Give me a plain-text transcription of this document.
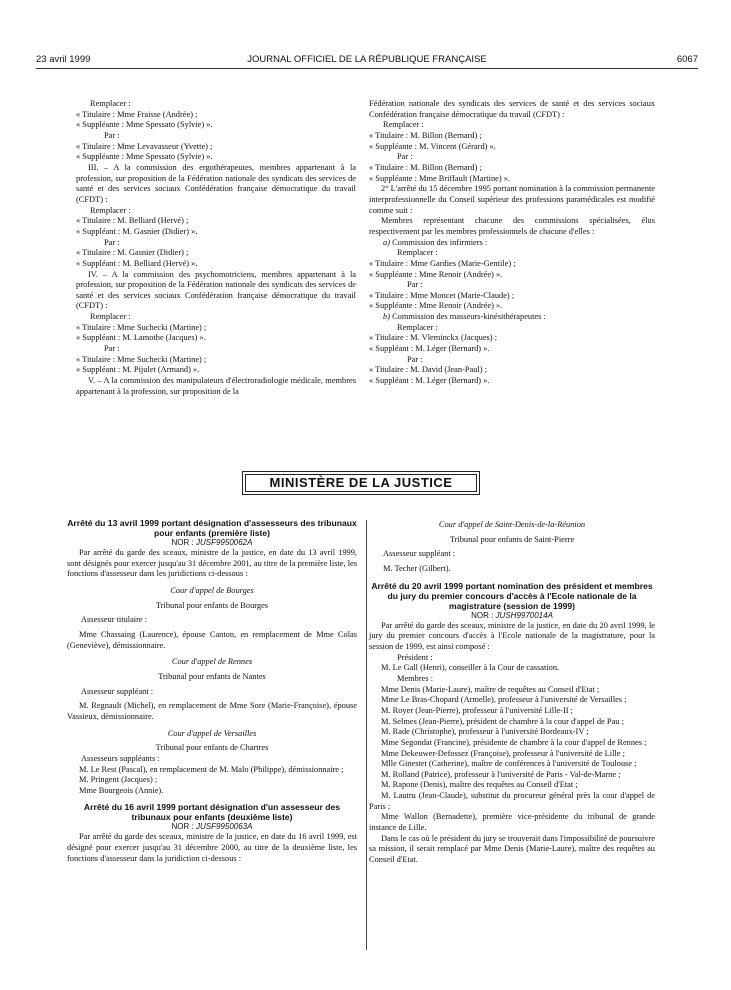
23 avril 1999	JOURNAL OFFICIEL DE LA RÉPUBLIQUE FRANÇAISE	6067

Remplacer :

« Titulaire : Mme Fraisse (Andrée) ;

« Suppléante : Mme Spessato (Sylvie) ».

Par :

« Titulaire : Mme Levavasseur (Yvette) ;

« Suppléante : Mme Spessato (Sylvie) ».

III. – A la commission des ergothérapeutes, membres appartenant à la profession, sur proposition de la Fédération nationale des syndicats des services de santé et des services sociaux Confédération française démocratique du travail (CFDT) :

Remplacer :

« Titulaire : M. Belliard (Hervé) ;

« Suppléant : M. Gasnier (Didier) ».

Par :

« Titulaire : M. Gasnier (Didier) ;

« Suppléant : M. Belliard (Hervé) ».

IV. – A la commission des psychomotriciens, membres appartenant à la profession, sur proposition de la Fédération nationale des syndicats des services de santé et des services sociaux Confédération française démocratique du travail (CFDT) :

Remplacer :

« Titulaire : Mme Suchecki (Martine) ;

« Suppléant : M. Lamothe (Jacques) ».

Par :

« Titulaire : Mme Suchecki (Martine) ;

« Suppléant : M. Pijulet (Armand) ».

V. – A la commission des manipulateurs d'électroradiologie médicale, membres appartenant à la profession, sur proposition de la

Fédération nationale des syndicats des services de santé et des services sociaux Confédération française démocratique du travail (CFDT) :

Remplacer :

« Titulaire : M. Billon (Bernard) ;

« Suppléante : M. Vincent (Gérard) ».

Par :

« Titulaire : M. Billon (Bernard) ;

« Suppléante : Mme Briffault (Martine) ».

2° L'arrêté du 15 décembre 1995 portant nomination à la commission permanente interprofessionnelle du Conseil supérieur des professions paramédicales est modifié comme suit :

Membres représentant chacune des commissions spécialisées, élus respectivement par les membres professionnels de chacune d'elles :

a) Commission des infirmiers :

Remplacer :

« Titulaire : Mme Gardies (Marie-Gentile) ;

« Suppléante : Mme Renoir (Andrée) ».

Par :

« Titulaire : Mme Moncet (Marie-Claude) ;

« Suppléante : Mme Renoir (Andrée) ».

b) Commission des masseurs-kinésithérapeutes :

Remplacer :

« Titulaire : M. Vleminckx (Jacques) ;

« Suppléant : M. Léger (Bernard) ».

Par :

« Titulaire : M. David (Jean-Paul) ;

« Suppléant : M. Léger (Bernard) ».

MINISTÈRE DE LA JUSTICE

Arrêté du 13 avril 1999 portant désignation d'assesseurs des tribunaux pour enfants (première liste)

NOR : JUSF9950062A

Par arrêté du garde des sceaux, ministre de la justice, en date du 13 avril 1999, sont désignés pour exercer jusqu'au 31 décembre 2001, au titre de la première liste, les fonctions d'assesseur dans les juridictions ci-dessous :

Cour d'appel de Bourges

Tribunal pour enfants de Bourges

Assesseur titulaire :

Mme Chassaing (Laurence), épouse Canton, en remplacement de Mme Colas (Geneviève), démissionnaire.

Cour d'appel de Rennes

Tribunal pour enfants de Nantes

Assesseur suppléant :

M. Regnault (Michel), en remplacement de Mme Sore (Marie-Françoise), épouse Vassieux, démissionnaire.

Cour d'appel de Versailles

Tribunal pour enfants de Chartres

Assesseurs suppléants :

M. Le Rest (Pascal), en remplacement de M. Malo (Philippe), démissionnaire ;

M. Pringent (Jacques) ;

Mme Bourgeois (Annie).

Arrêté du 16 avril 1999 portant désignation d'un assesseur des tribunaux pour enfants (deuxième liste)

NOR : JUSF9950063A

Par arrêté du garde des sceaux, ministre de la justice, en date du 16 avril 1999, est désigné pour exercer jusqu'au 31 décembre 2000, au titre de la deuxième liste, les fonctions d'assesseur dans la juridiction ci-dessous :

Cour d'appel de Saint-Denis-de-la-Réunion

Tribunal pour enfants de Saint-Pierre

Assesseur suppléant :

M. Techer (Gilbert).

Arrêté du 20 avril 1999 portant nomination des président et membres du jury du premier concours d'accès à l'Ecole nationale de la magistrature (session de 1999)

NOR : JUSH9970014A

Par arrêté du garde des sceaux, ministre de la justice, en date du 20 avril 1999, le jury du premier concours d'accès à l'Ecole nationale de la magistrature, pour la session de 1999, est ainsi composé :

Président :

M. Le Gall (Henri), conseiller à la Cour de cassation.

Membres :

Mme Denis (Marie-Laure), maître de requêtes au Conseil d'Etat ;

Mme Le Bras-Chopard (Armelle), professeur à l'université de Versailles ;

M. Royer (Jean-Pierre), professeur à l'université Lille-II ;

M. Selmes (Jean-Pierre), président de chambre à la cour d'appel de Pau ;

M. Rade (Christophe), professeur à l'université Bordeaux-IV ;

Mme Segondat (Francine), présidente de chambre à la cour d'appel de Rennes ;

Mme Dekeuwer-Defossez (Françoise), professeur à l'université de Lille ;

Mlle Ginestet (Catherine), maître de conférences à l'université de Toulouse ;

M. Rolland (Patrice), professeur à l'université de Paris - Val-de-Marne ;

M. Rapone (Denis), maître des requêtes au Conseil d'Etat ;

M. Lautru (Jean-Claude), substitut du procureur général près la cour d'appel de Paris ;

Mme Wallon (Bernadette), première vice-présidente du tribunal de grande instance de Lille.

Dans le cas où le président du jury se trouverait dans l'impossibilité de poursuivre sa mission, il serait remplacé par Mme Denis (Marie-Laure), maître des requêtes au Conseil d'Etat.
